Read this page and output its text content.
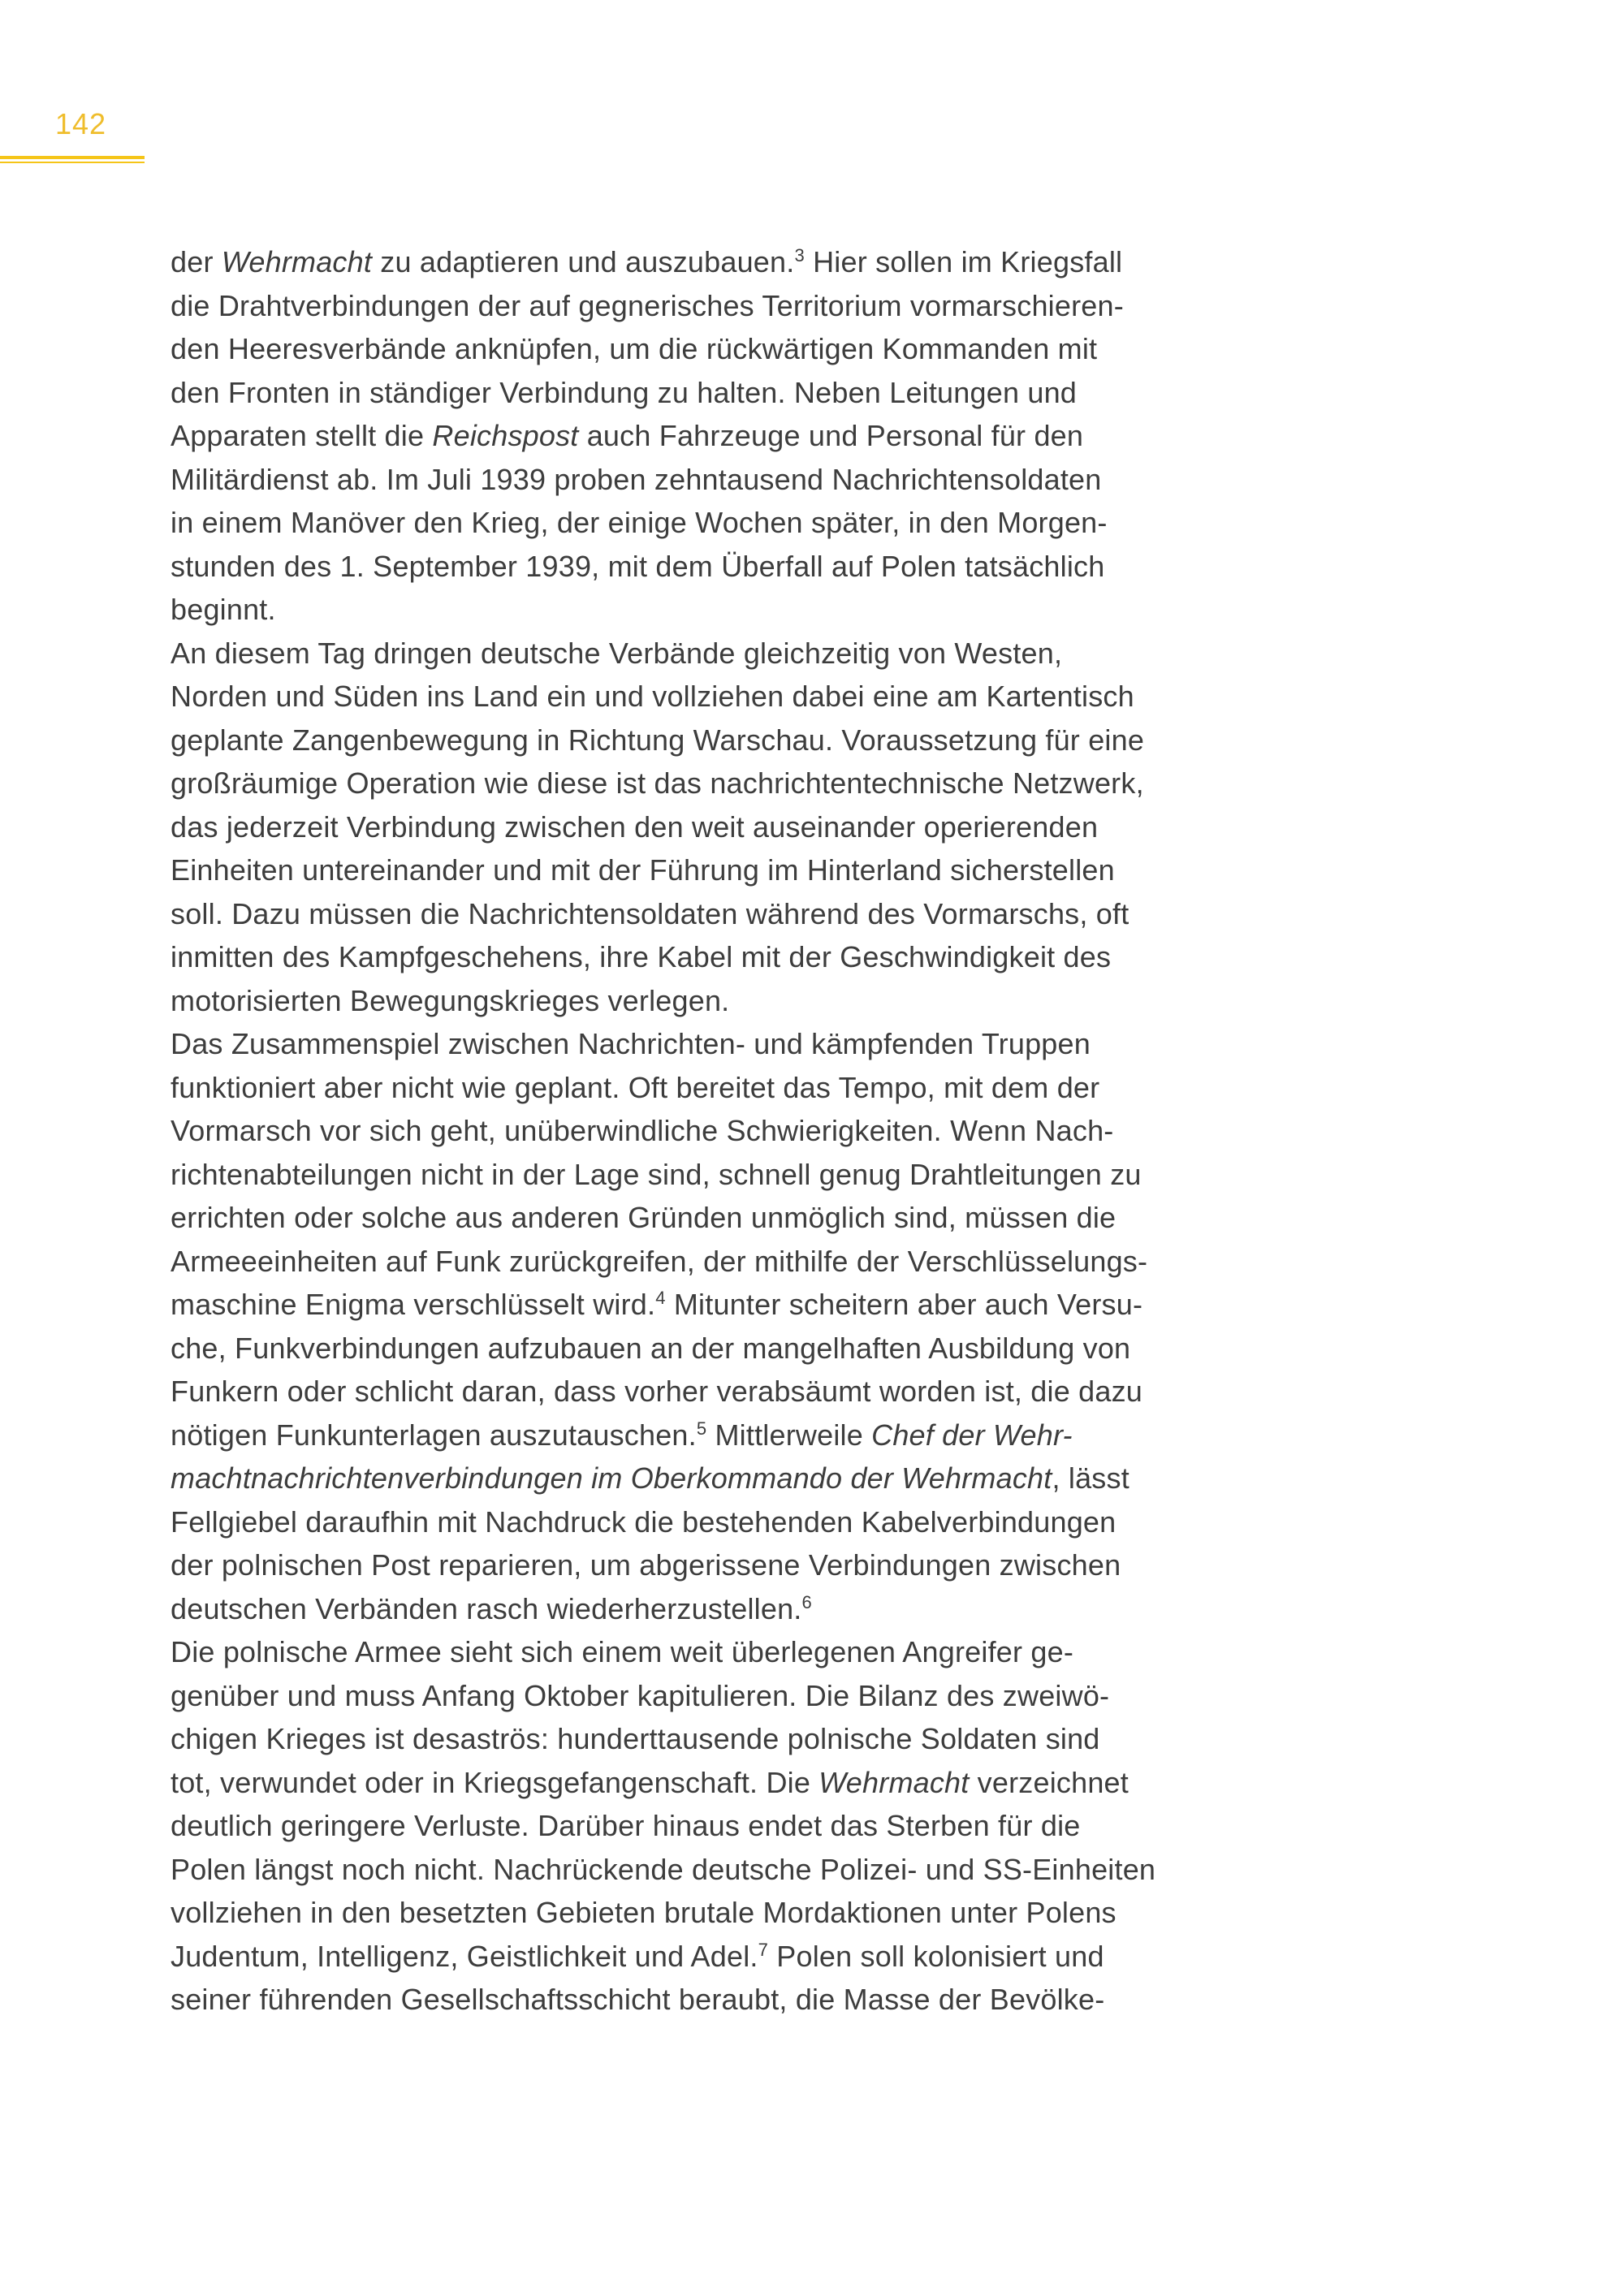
142
der Wehrmacht zu adaptieren und auszubauen.$^3$ Hier sollen im Kriegsfall
die Drahtverbindungen der auf gegnerisches Territorium vormarschieren-
den Heeresverbände anknüpfen, um die rückwärtigen Kommanden mit
den Fronten in ständiger Verbindung zu halten. Neben Leitungen und
Apparaten stellt die Reichspost auch Fahrzeuge und Personal für den
Militärdienst ab. Im Juli 1939 proben zehntausend Nachrichtensoldaten
in einem Manöver den Krieg, der einige Wochen später, in den Morgen-
stunden des 1. September 1939, mit dem Überfall auf Polen tatsächlich
beginnt.
An diesem Tag dringen deutsche Verbände gleichzeitig von Westen,
Norden und Süden ins Land ein und vollziehen dabei eine am Kartentisch
geplante Zangenbewegung in Richtung Warschau. Voraussetzung für eine
großräumige Operation wie diese ist das nachrichtentechnische Netzwerk,
das jederzeit Verbindung zwischen den weit auseinander operierenden
Einheiten untereinander und mit der Führung im Hinterland sicherstellen
soll. Dazu müssen die Nachrichtensoldaten während des Vormarschs, oft
inmitten des Kampfgeschehens, ihre Kabel mit der Geschwindigkeit des
motorisierten Bewegungskrieges verlegen.
Das Zusammenspiel zwischen Nachrichten- und kämpfenden Truppen
funktioniert aber nicht wie geplant. Oft bereitet das Tempo, mit dem der
Vormarsch vor sich geht, unüberwindliche Schwierigkeiten. Wenn Nach-
richtenabteilungen nicht in der Lage sind, schnell genug Drahtleitungen zu
errichten oder solche aus anderen Gründen unmöglich sind, müssen die
Armeeeinheiten auf Funk zurückgreifen, der mithilfe der Verschlüsselungs-
maschine Enigma verschlüsselt wird.$^4$ Mitunter scheitern aber auch Versu-
che, Funkverbindungen aufzubauen an der mangelhaften Ausbildung von
Funkern oder schlicht daran, dass vorher verabsäumt worden ist, die dazu
nötigen Funkunterlagen auszutauschen.$^5$ Mittlerweile Chef der Wehr-
machtnachrichtenverbindungen im Oberkommando der Wehrmacht, lässt
Fellgiebel daraufhin mit Nachdruck die bestehenden Kabelverbindungen
der polnischen Post reparieren, um abgerissene Verbindungen zwischen
deutschen Verbänden rasch wiederherzustellen.$^6$
Die polnische Armee sieht sich einem weit überlegenen Angreifer ge-
genüber und muss Anfang Oktober kapitulieren. Die Bilanz des zweiwö-
chigen Krieges ist desaströs: hunderttausende polnische Soldaten sind
tot, verwundet oder in Kriegsgefangenschaft. Die Wehrmacht verzeichnet
deutlich geringere Verluste. Darüber hinaus endet das Sterben für die
Polen längst noch nicht. Nachrückende deutsche Polizei- und SS-Einheiten
vollziehen in den besetzten Gebieten brutale Mordaktionen unter Polens
Judentum, Intelligenz, Geistlichkeit und Adel.$^7$ Polen soll kolonisiert und
seiner führenden Gesellschaftsschicht beraubt, die Masse der Bevölke-
